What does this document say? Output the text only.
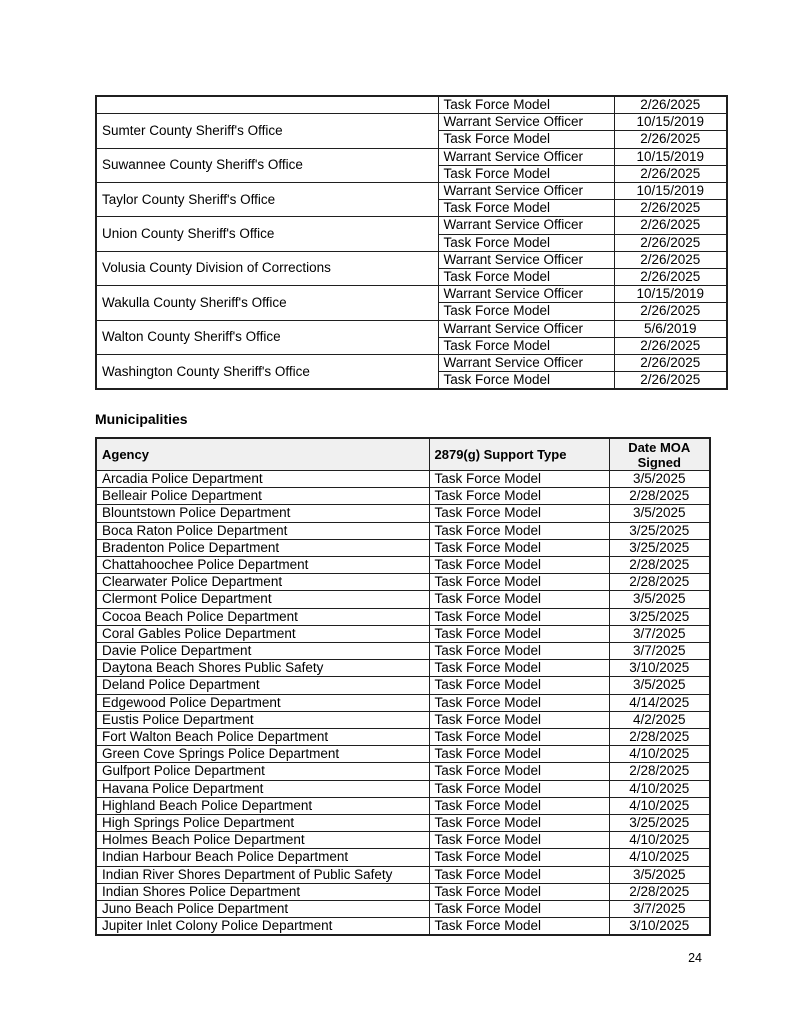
	Task Force Model	2/26/2025
Sumter County Sheriff's Office	Warrant Service Officer	10/15/2019
	Task Force Model	2/26/2025
Suwannee County Sheriff's Office	Warrant Service Officer	10/15/2019
	Task Force Model	2/26/2025
Taylor County Sheriff's Office	Warrant Service Officer	10/15/2019
	Task Force Model	2/26/2025
Union County Sheriff's Office	Warrant Service Officer	2/26/2025
	Task Force Model	2/26/2025
Volusia County Division of Corrections	Warrant Service Officer	2/26/2025
	Task Force Model	2/26/2025
Wakulla County Sheriff's Office	Warrant Service Officer	10/15/2019
	Task Force Model	2/26/2025
Walton County Sheriff's Office	Warrant Service Officer	5/6/2019
	Task Force Model	2/26/2025
Washington County Sheriff's Office	Warrant Service Officer	2/26/2025
	Task Force Model	2/26/2025
Municipalities
Agency	2879(g) Support Type	Date MOA Signed
Arcadia Police Department	Task Force Model	3/5/2025
Belleair Police Department	Task Force Model	2/28/2025
Blountstown Police Department	Task Force Model	3/5/2025
Boca Raton Police Department	Task Force Model	3/25/2025
Bradenton Police Department	Task Force Model	3/25/2025
Chattahoochee Police Department	Task Force Model	2/28/2025
Clearwater Police Department	Task Force Model	2/28/2025
Clermont Police Department	Task Force Model	3/5/2025
Cocoa Beach Police Department	Task Force Model	3/25/2025
Coral Gables Police Department	Task Force Model	3/7/2025
Davie Police Department	Task Force Model	3/7/2025
Daytona Beach Shores Public Safety	Task Force Model	3/10/2025
Deland Police Department	Task Force Model	3/5/2025
Edgewood Police Department	Task Force Model	4/14/2025
Eustis Police Department	Task Force Model	4/2/2025
Fort Walton Beach Police Department	Task Force Model	2/28/2025
Green Cove Springs Police Department	Task Force Model	4/10/2025
Gulfport Police Department	Task Force Model	2/28/2025
Havana Police Department	Task Force Model	4/10/2025
Highland Beach Police Department	Task Force Model	4/10/2025
High Springs Police Department	Task Force Model	3/25/2025
Holmes Beach Police Department	Task Force Model	4/10/2025
Indian Harbour Beach Police Department	Task Force Model	4/10/2025
Indian River Shores Department of Public Safety	Task Force Model	3/5/2025
Indian Shores Police Department	Task Force Model	2/28/2025
Juno Beach Police Department	Task Force Model	3/7/2025
Jupiter Inlet Colony Police Department	Task Force Model	3/10/2025
24
